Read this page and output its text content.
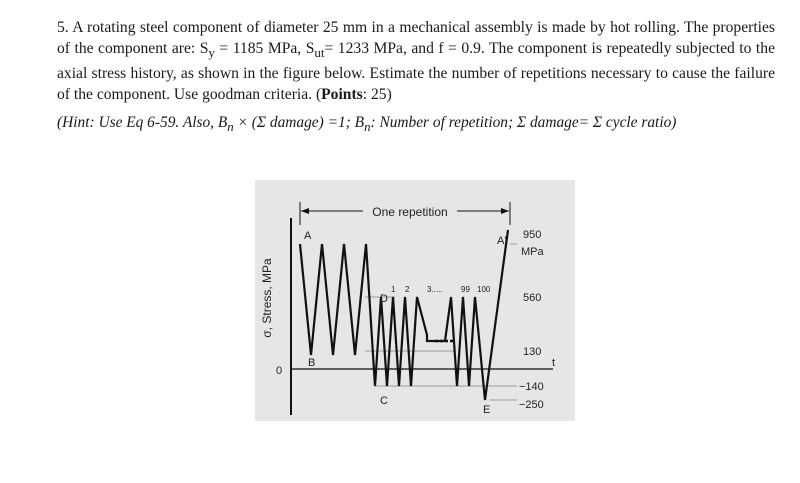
5. A rotating steel component of diameter 25 mm in a mechanical assembly is made by hot rolling. The properties of the component are: $S_y = 1185$ MPa, $S_{ut}= 1233$ MPa, and f = 0.9. The component is repeatedly subjected to the axial stress history, as shown in the figure below. Estimate the number of repetitions necessary to cause the failure of the component. Use goodman criteria. (Points: 25)
(Hint: Use Eq 6-59. Also, $B_n \times (\Sigma$ damage) =1; $B_n$: Number of repetition; Σ damage= Σ cycle ratio)
One repetition
σ, Stress, MPa
0
t
A	A'
B
D
C
E
1 2 3..... 99 100
950
MPa
560
130
−140
−250
